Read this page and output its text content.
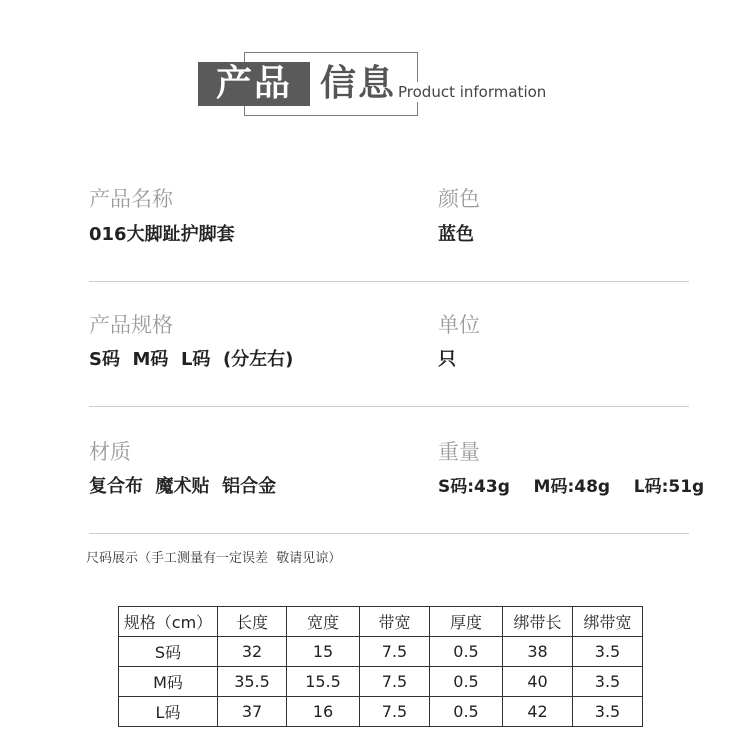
产品 信息 Product information
产品名称
016大脚趾护脚套
颜色
蓝色
产品规格
S码  M码  L码  (分左右)
单位
只
材质
复合布  魔术贴  铝合金
重量
S码:43g    M码:48g    L码:51g
尺码展示（手工测量有一定误差  敬请见谅）
规格（cm）	长度	宽度	带宽	厚度	绑带长	绑带宽
S码	32	15	7.5	0.5	38	3.5
M码	35.5	15.5	7.5	0.5	40	3.5
L码	37	16	7.5	0.5	42	3.5
